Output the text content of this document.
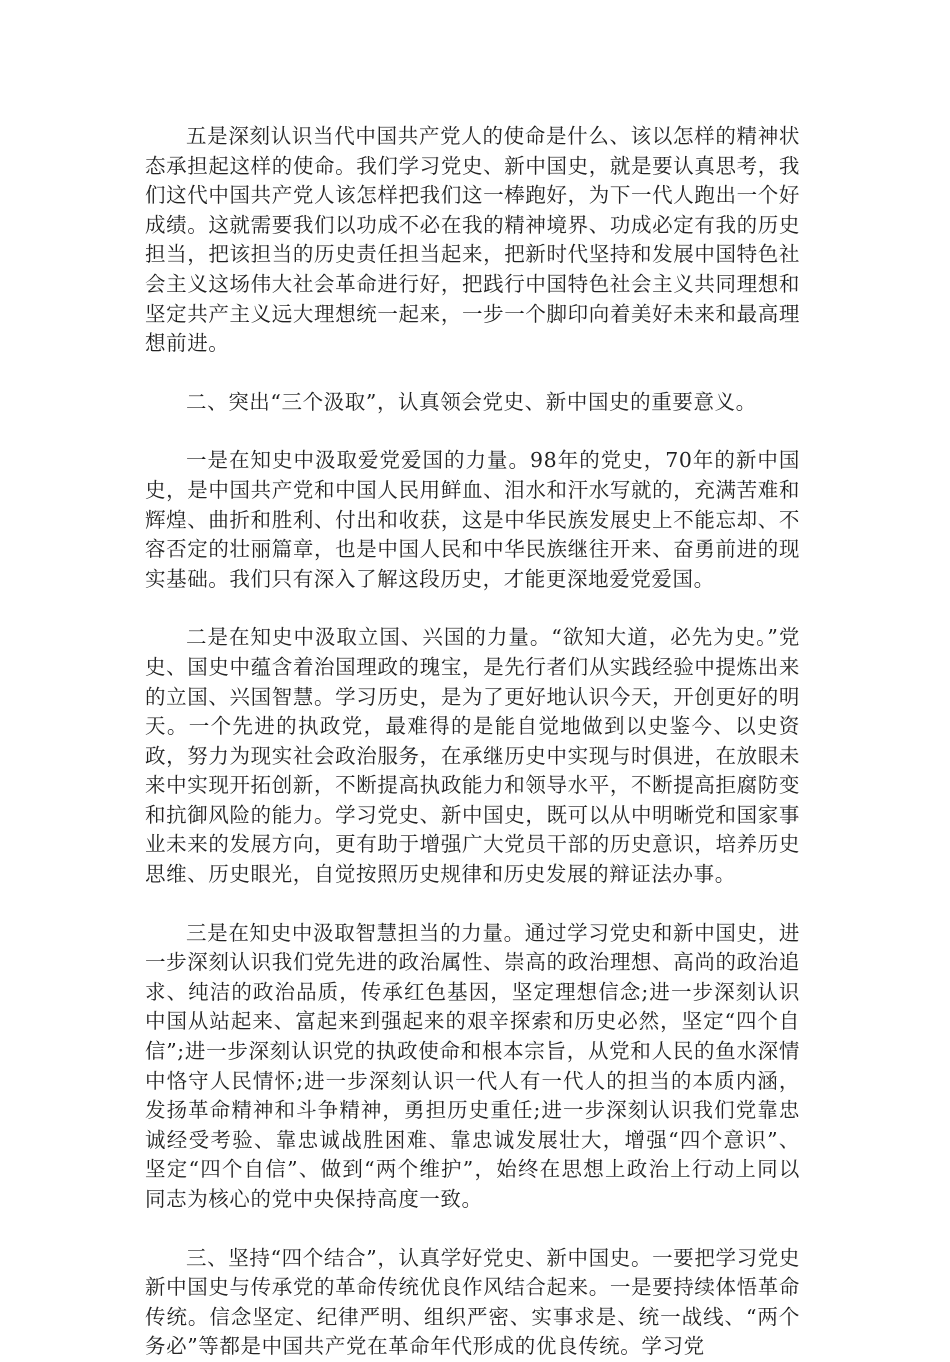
五是深刻认识当代中国共产党人的使命是什么、该以怎样的精神状态承担起这样的使命。我们学习党史、新中国史，就是要认真思考，我们这代中国共产党人该怎样把我们这一棒跑好，为下一代人跑出一个好成绩。这就需要我们以功成不必在我的精神境界、功成必定有我的历史担当，把该担当的历史责任担当起来，把新时代坚持和发展中国特色社会主义这场伟大社会革命进行好，把践行中国特色社会主义共同理想和坚定共产主义远大理想统一起来，一步一个脚印向着美好未来和最高理想前进。

二、突出“三个汲取”，认真领会党史、新中国史的重要意义。

一是在知史中汲取爱党爱国的力量。98年的党史，70年的新中国史，是中国共产党和中国人民用鲜血、泪水和汗水写就的，充满苦难和辉煌、曲折和胜利、付出和收获，这是中华民族发展史上不能忘却、不容否定的壮丽篇章，也是中国人民和中华民族继往开来、奋勇前进的现实基础。我们只有深入了解这段历史，才能更深地爱党爱国。

二是在知史中汲取立国、兴国的力量。“欲知大道，必先为史。”党史、国史中蕴含着治国理政的瑰宝，是先行者们从实践经验中提炼出来的立国、兴国智慧。学习历史，是为了更好地认识今天，开创更好的明天。一个先进的执政党，最难得的是能自觉地做到以史鉴今、以史资政，努力为现实社会政治服务，在承继历史中实现与时俱进，在放眼未来中实现开拓创新，不断提高执政能力和领导水平，不断提高拒腐防变和抗御风险的能力。学习党史、新中国史，既可以从中明晰党和国家事业未来的发展方向，更有助于增强广大党员干部的历史意识，培养历史思维、历史眼光，自觉按照历史规律和历史发展的辩证法办事。

三是在知史中汲取智慧担当的力量。通过学习党史和新中国史，进一步深刻认识我们党先进的政治属性、崇高的政治理想、高尚的政治追求、纯洁的政治品质，传承红色基因，坚定理想信念;进一步深刻认识中国从站起来、富起来到强起来的艰辛探索和历史必然，坚定“四个自信”;进一步深刻认识党的执政使命和根本宗旨，从党和人民的鱼水深情中恪守人民情怀;进一步深刻认识一代人有一代人的担当的本质内涵，发扬革命精神和斗争精神，勇担历史重任;进一步深刻认识我们党靠忠诚经受考验、靠忠诚战胜困难、靠忠诚发展壮大，增强“四个意识”、坚定“四个自信”、做到“两个维护”，始终在思想上政治上行动上同以同志为核心的党中央保持高度一致。

三、坚持“四个结合”，认真学好党史、新中国史。一要把学习党史新中国史与传承党的革命传统优良作风结合起来。一是要持续体悟革命传统。信念坚定、纪律严明、组织严密、实事求是、统一战线、“两个务必”等都是中国共产党在革命年代形成的优良传统。学习党
